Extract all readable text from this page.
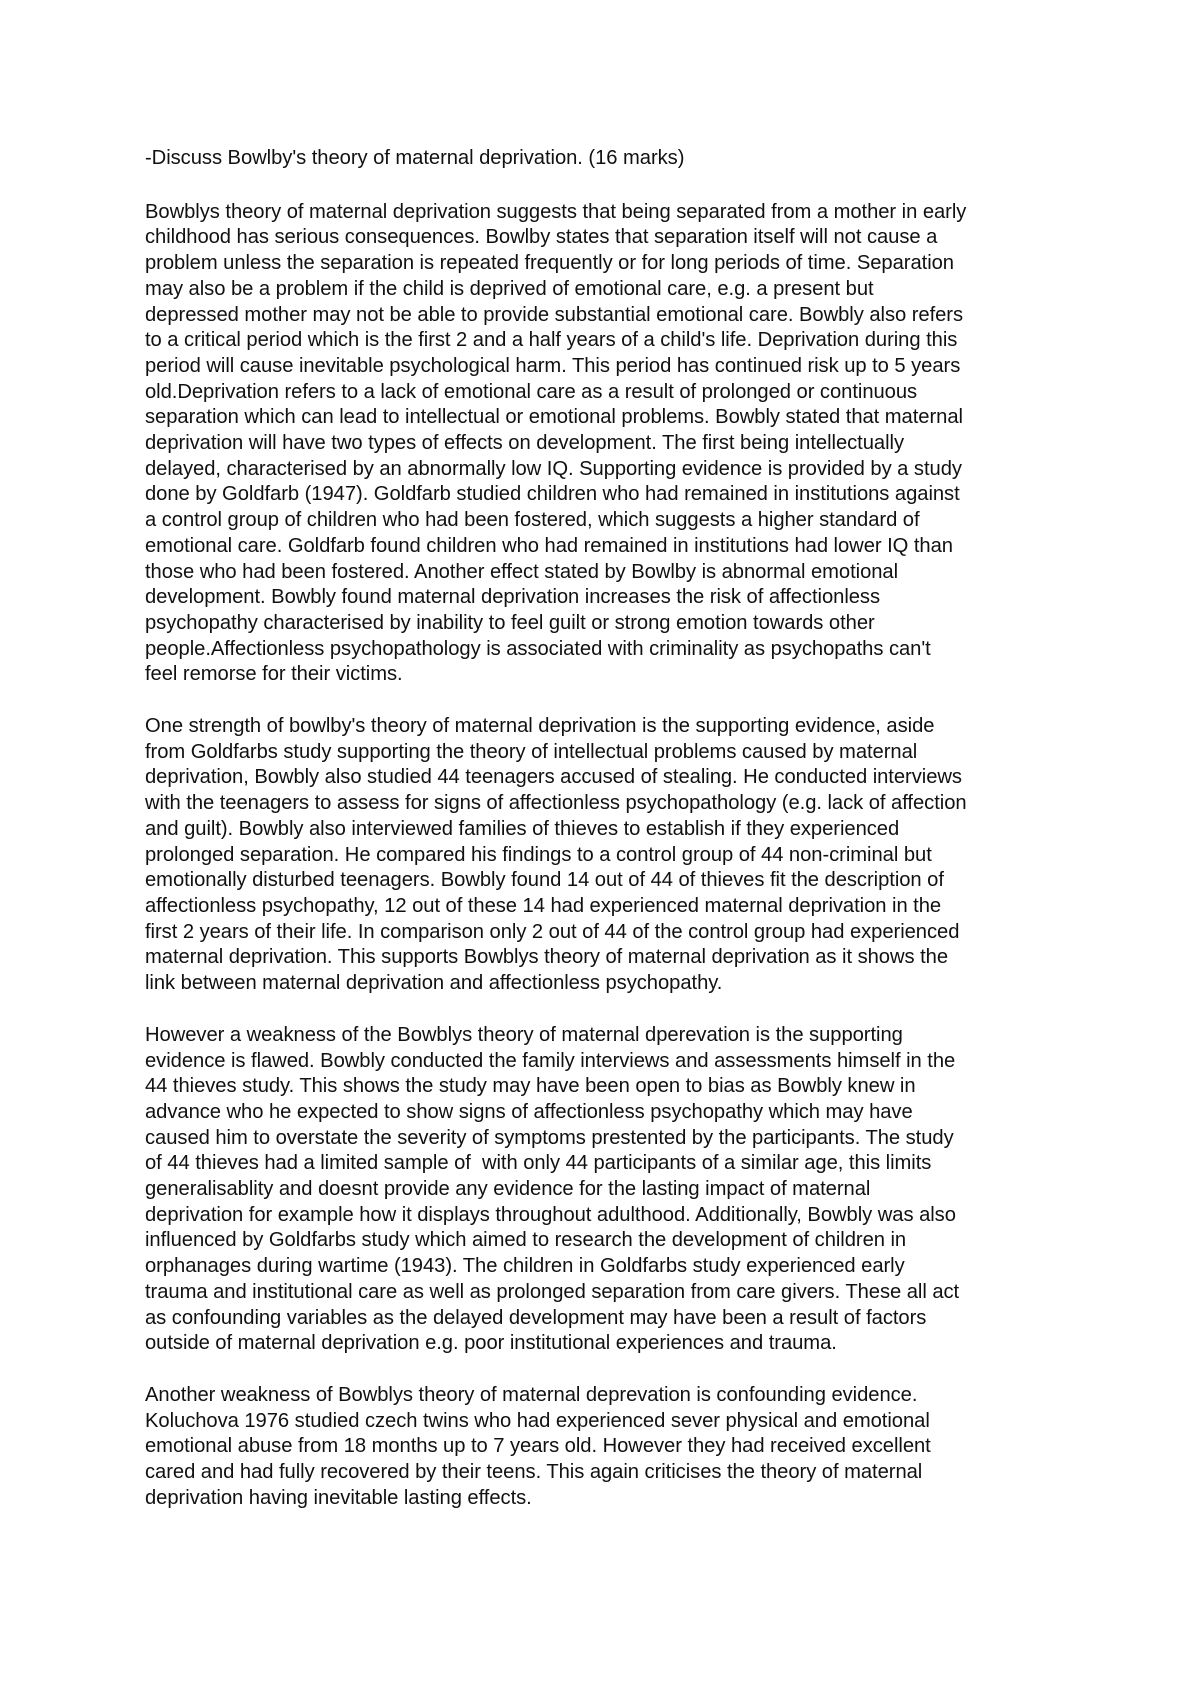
-Discuss Bowlby's theory of maternal deprivation. (16 marks)
Bowblys theory of maternal deprivation suggests that being separated from a mother in early
childhood has serious consequences. Bowlby states that separation itself will not cause a
problem unless the separation is repeated frequently or for long periods of time. Separation
may also be a problem if the child is deprived of emotional care, e.g. a present but
depressed mother may not be able to provide substantial emotional care. Bowbly also refers
to a critical period which is the first 2 and a half years of a child's life. Deprivation during this
period will cause inevitable psychological harm. This period has continued risk up to 5 years
old.Deprivation refers to a lack of emotional care as a result of prolonged or continuous
separation which can lead to intellectual or emotional problems. Bowbly stated that maternal
deprivation will have two types of effects on development. The first being intellectually
delayed, characterised by an abnormally low IQ. Supporting evidence is provided by a study
done by Goldfarb (1947). Goldfarb studied children who had remained in institutions against
a control group of children who had been fostered, which suggests a higher standard of
emotional care. Goldfarb found children who had remained in institutions had lower IQ than
those who had been fostered. Another effect stated by Bowlby is abnormal emotional
development. Bowbly found maternal deprivation increases the risk of affectionless
psychopathy characterised by inability to feel guilt or strong emotion towards other
people.Affectionless psychopathology is associated with criminality as psychopaths can't
feel remorse for their victims.
One strength of bowlby's theory of maternal deprivation is the supporting evidence, aside
from Goldfarbs study supporting the theory of intellectual problems caused by maternal
deprivation, Bowbly also studied 44 teenagers accused of stealing. He conducted interviews
with the teenagers to assess for signs of affectionless psychopathology (e.g. lack of affection
and guilt). Bowbly also interviewed families of thieves to establish if they experienced
prolonged separation. He compared his findings to a control group of 44 non-criminal but
emotionally disturbed teenagers. Bowbly found 14 out of 44 of thieves fit the description of
affectionless psychopathy, 12 out of these 14 had experienced maternal deprivation in the
first 2 years of their life. In comparison only 2 out of 44 of the control group had experienced
maternal deprivation. This supports Bowblys theory of maternal deprivation as it shows the
link between maternal deprivation and affectionless psychopathy.
However a weakness of the Bowblys theory of maternal dperevation is the supporting
evidence is flawed. Bowbly conducted the family interviews and assessments himself in the
44 thieves study. This shows the study may have been open to bias as Bowbly knew in
advance who he expected to show signs of affectionless psychopathy which may have
caused him to overstate the severity of symptoms prestented by the participants. The study
of 44 thieves had a limited sample of  with only 44 participants of a similar age, this limits
generalisablity and doesnt provide any evidence for the lasting impact of maternal
deprivation for example how it displays throughout adulthood. Additionally, Bowbly was also
influenced by Goldfarbs study which aimed to research the development of children in
orphanages during wartime (1943). The children in Goldfarbs study experienced early
trauma and institutional care as well as prolonged separation from care givers. These all act
as confounding variables as the delayed development may have been a result of factors
outside of maternal deprivation e.g. poor institutional experiences and trauma.
Another weakness of Bowblys theory of maternal deprevation is confounding evidence.
Koluchova 1976 studied czech twins who had experienced sever physical and emotional
emotional abuse from 18 months up to 7 years old. However they had received excellent
cared and had fully recovered by their teens. This again criticises the theory of maternal
deprivation having inevitable lasting effects.
